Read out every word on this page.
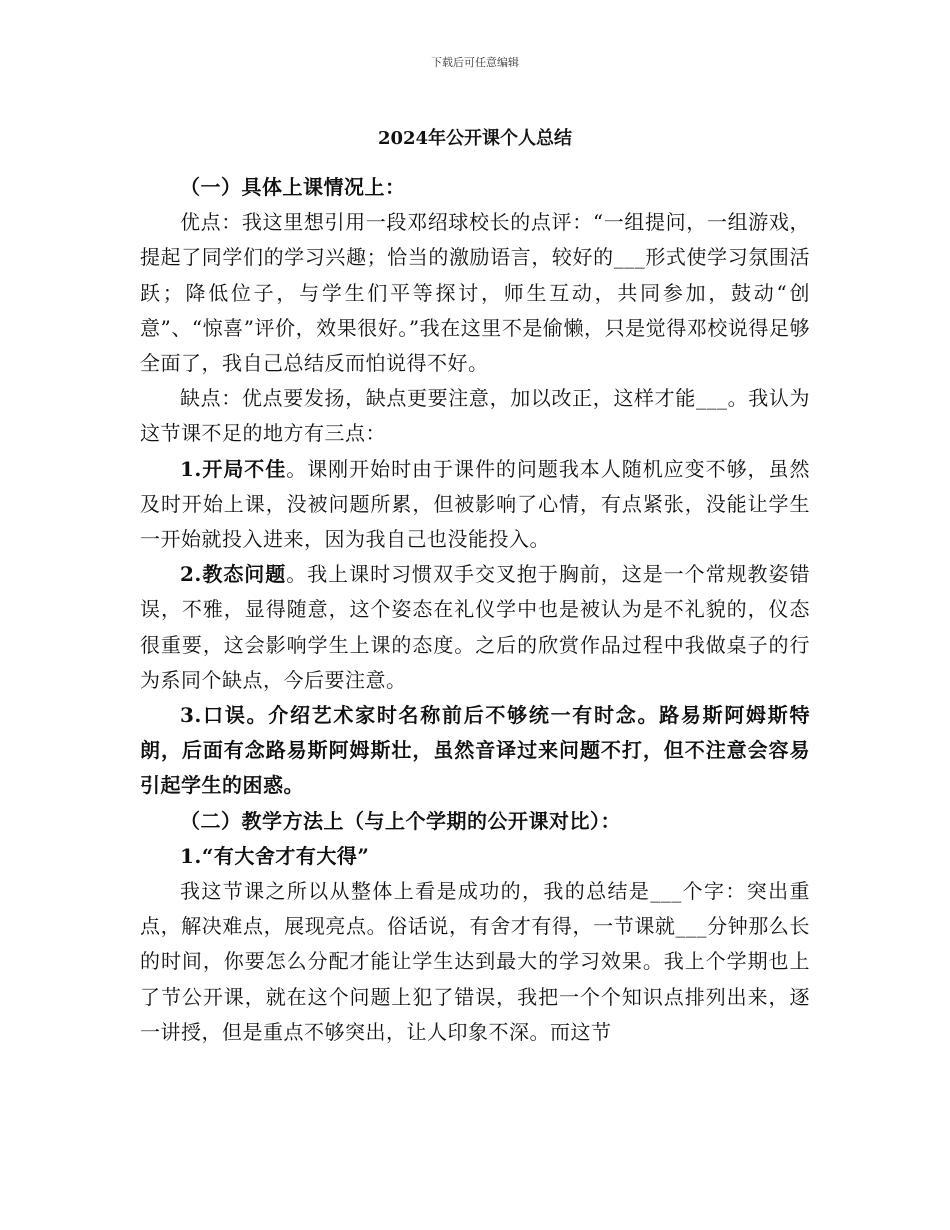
下载后可任意编辑
2024年公开课个人总结

（一）具体上课情况上：

优点：我这里想引用一段邓绍球校长的点评：“一组提问，一组游戏，提起了同学们的学习兴趣；恰当的激励语言，较好的___形式使学习氛围活跃；降低位子，与学生们平等探讨，师生互动，共同参加，鼓动“创意”、“惊喜”评价，效果很好。”我在这里不是偷懒，只是觉得邓校说得足够全面了，我自己总结反而怕说得不好。

缺点：优点要发扬，缺点更要注意，加以改正，这样才能___。我认为这节课不足的地方有三点：

1.开局不佳。课刚开始时由于课件的问题我本人随机应变不够，虽然及时开始上课，没被问题所累，但被影响了心情，有点紧张，没能让学生一开始就投入进来，因为我自己也没能投入。

2.教态问题。我上课时习惯双手交叉抱于胸前，这是一个常规教姿错误，不雅，显得随意，这个姿态在礼仪学中也是被认为是不礼貌的，仪态很重要，这会影响学生上课的态度。之后的欣赏作品过程中我做桌子的行为系同个缺点，今后要注意。

3.口误。介绍艺术家时名称前后不够统一有时念。路易斯阿姆斯特朗，后面有念路易斯阿姆斯壮，虽然音译过来问题不打，但不注意会容易引起学生的困惑。

（二）教学方法上（与上个学期的公开课对比）：

1.“有大舍才有大得”

我这节课之所以从整体上看是成功的，我的总结是___个字：突出重点，解决难点，展现亮点。俗话说，有舍才有得，一节课就___分钟那么长的时间，你要怎么分配才能让学生达到最大的学习效果。我上个学期也上了节公开课，就在这个问题上犯了错误，我把一个个知识点排列出来，逐一讲授，但是重点不够突出，让人印象不深。而这节
